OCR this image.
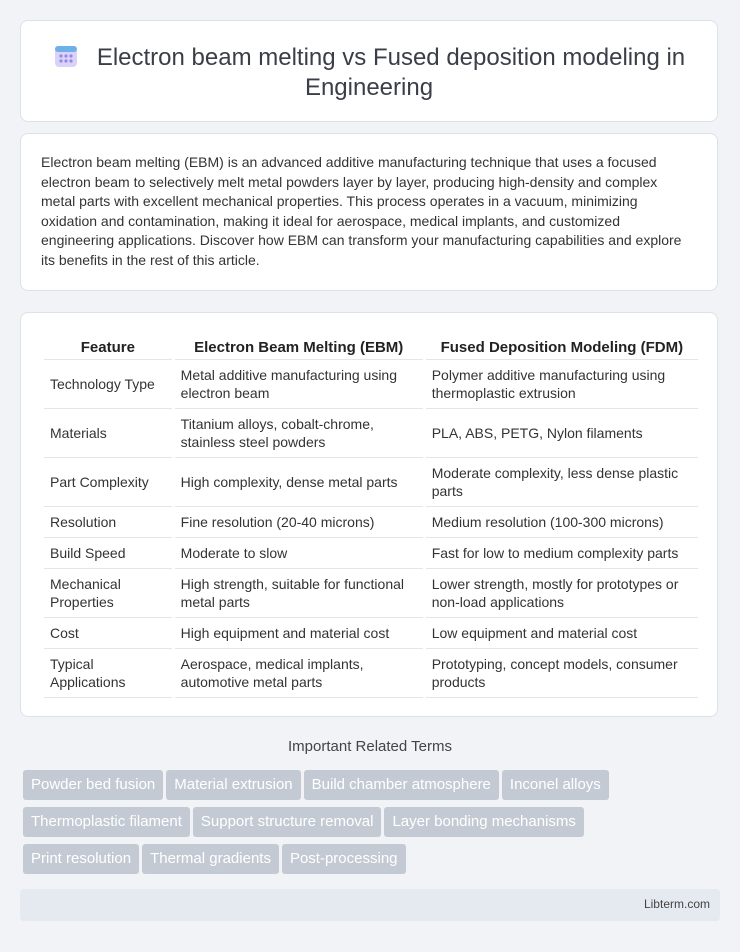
Electron beam melting vs Fused deposition modeling in Engineering
Electron beam melting (EBM) is an advanced additive manufacturing technique that uses a focused electron beam to selectively melt metal powders layer by layer, producing high-density and complex metal parts with excellent mechanical properties. This process operates in a vacuum, minimizing oxidation and contamination, making it ideal for aerospace, medical implants, and customized engineering applications. Discover how EBM can transform your manufacturing capabilities and explore its benefits in the rest of this article.
Feature	Electron Beam Melting (EBM)	Fused Deposition Modeling (FDM)
Technology Type	Metal additive manufacturing using electron beam	Polymer additive manufacturing using thermoplastic extrusion
Materials	Titanium alloys, cobalt-chrome, stainless steel powders	PLA, ABS, PETG, Nylon filaments
Part Complexity	High complexity, dense metal parts	Moderate complexity, less dense plastic parts
Resolution	Fine resolution (20-40 microns)	Medium resolution (100-300 microns)
Build Speed	Moderate to slow	Fast for low to medium complexity parts
Mechanical Properties	High strength, suitable for functional metal parts	Lower strength, mostly for prototypes or non-load applications
Cost	High equipment and material cost	Low equipment and material cost
Typical Applications	Aerospace, medical implants, automotive metal parts	Prototyping, concept models, consumer products
Important Related Terms
Powder bed fusion Material extrusion Build chamber atmosphere Inconel alloys
Thermoplastic filament Support structure removal Layer bonding mechanisms
Print resolution Thermal gradients Post-processing
Libterm.com
